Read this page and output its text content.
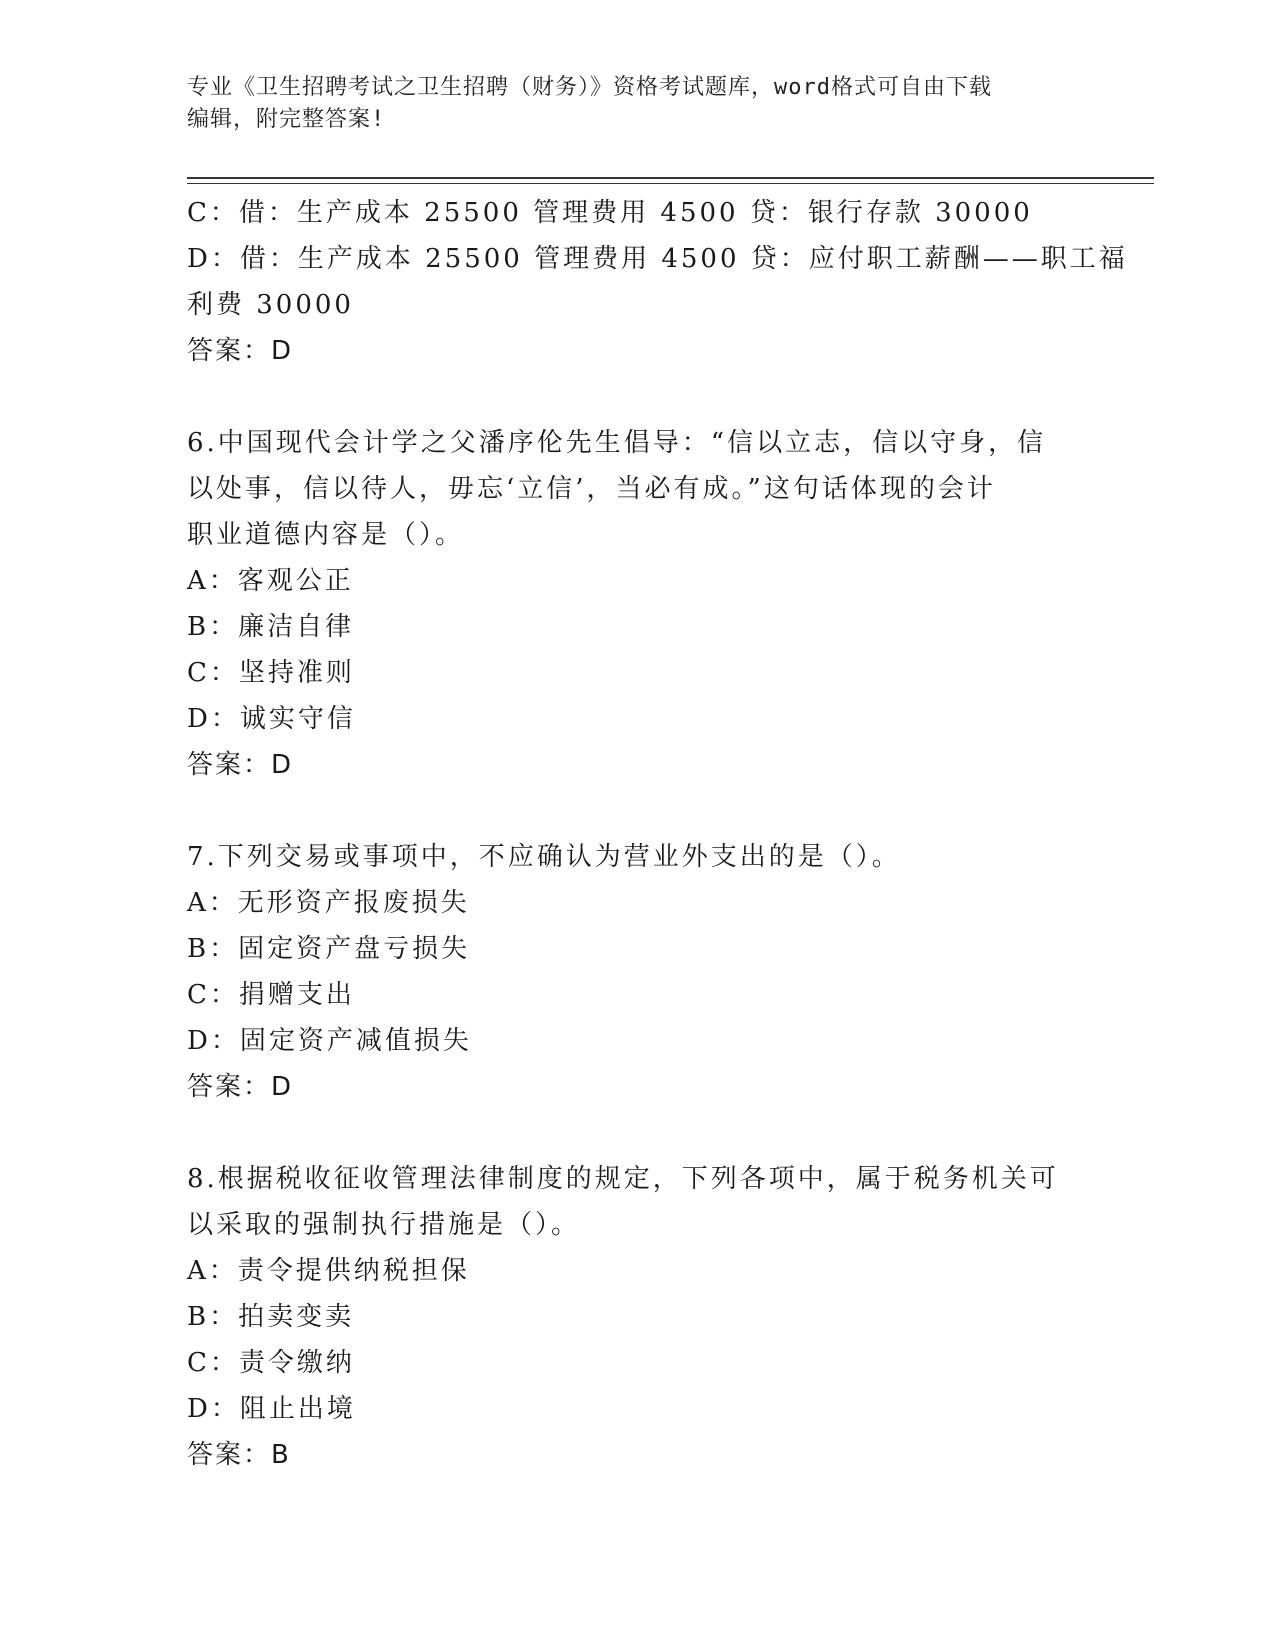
专业《卫生招聘考试之卫生招聘（财务）》资格考试题库，word格式可自由下载
编辑，附完整答案!
C：借：生产成本 25500 管理费用 4500 贷：银行存款 30000
D：借：生产成本 25500 管理费用 4500 贷：应付职工薪酬——职工福
利费 30000
答案：D
6.中国现代会计学之父潘序伦先生倡导：“信以立志，信以守身，信
以处事，信以待人，毋忘‘立信’，当必有成。”这句话体现的会计
职业道德内容是（）。
A：客观公正
B：廉洁自律
C：坚持准则
D：诚实守信
答案：D
7.下列交易或事项中，不应确认为营业外支出的是（）。
A：无形资产报废损失
B：固定资产盘亏损失
C：捐赠支出
D：固定资产减值损失
答案：D
8.根据税收征收管理法律制度的规定，下列各项中，属于税务机关可
以采取的强制执行措施是（）。
A：责令提供纳税担保
B：拍卖变卖
C：责令缴纳
D：阻止出境
答案：B
